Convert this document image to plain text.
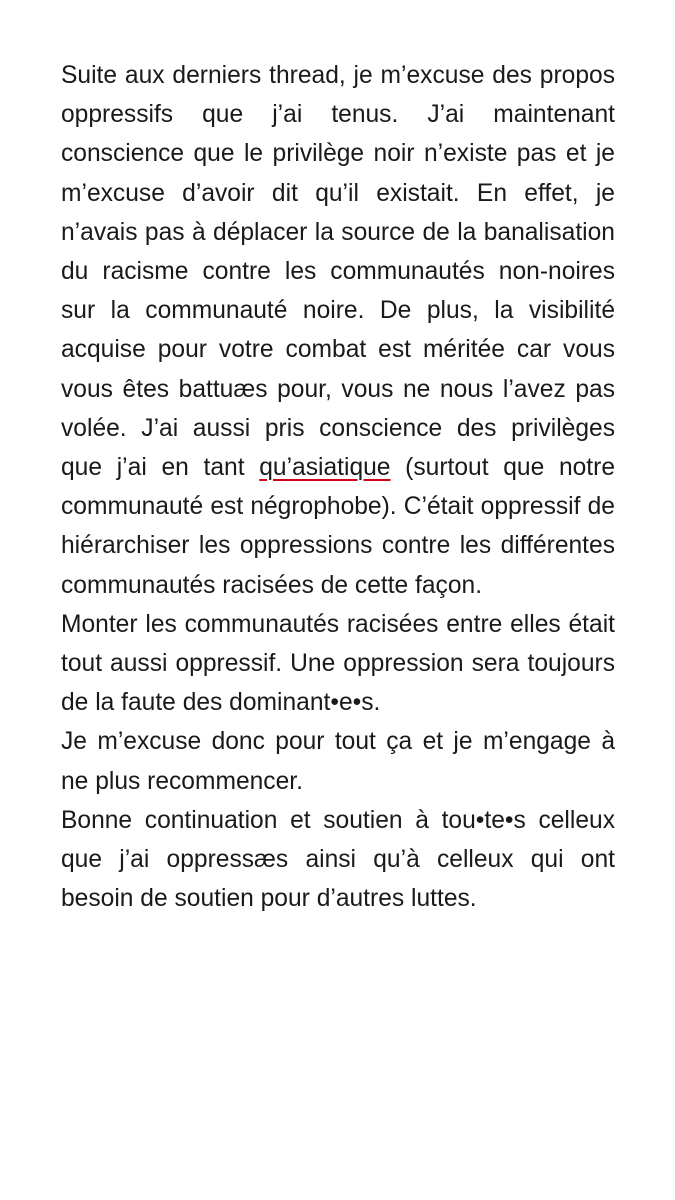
Suite aux derniers thread, je m’excuse des propos oppressifs que j’ai tenus. J’ai maintenant conscience que le privilège noir n’existe pas et je m’excuse d’avoir dit qu’il existait. En effet, je n’avais pas à déplacer la source de la banalisation du racisme contre les communautés non-noires sur la communauté noire. De plus, la visibilité acquise pour votre combat est méritée car vous vous êtes battuæs pour, vous ne nous l’avez pas volée. J’ai aussi pris conscience des privilèges que j’ai en tant qu’asiatique (surtout que notre communauté est négrophobe). C’était oppressif de hiérarchiser les oppressions contre les différentes communautés racisées de cette façon.

Monter les communautés racisées entre elles était tout aussi oppressif. Une oppression sera toujours de la faute des dominant•e•s.

Je m’excuse donc pour tout ça et je m’engage à ne plus recommencer.

Bonne continuation et soutien à tou•te•s celleux que j’ai oppressæs ainsi qu’à celleux qui ont besoin de soutien pour d’autres luttes.
